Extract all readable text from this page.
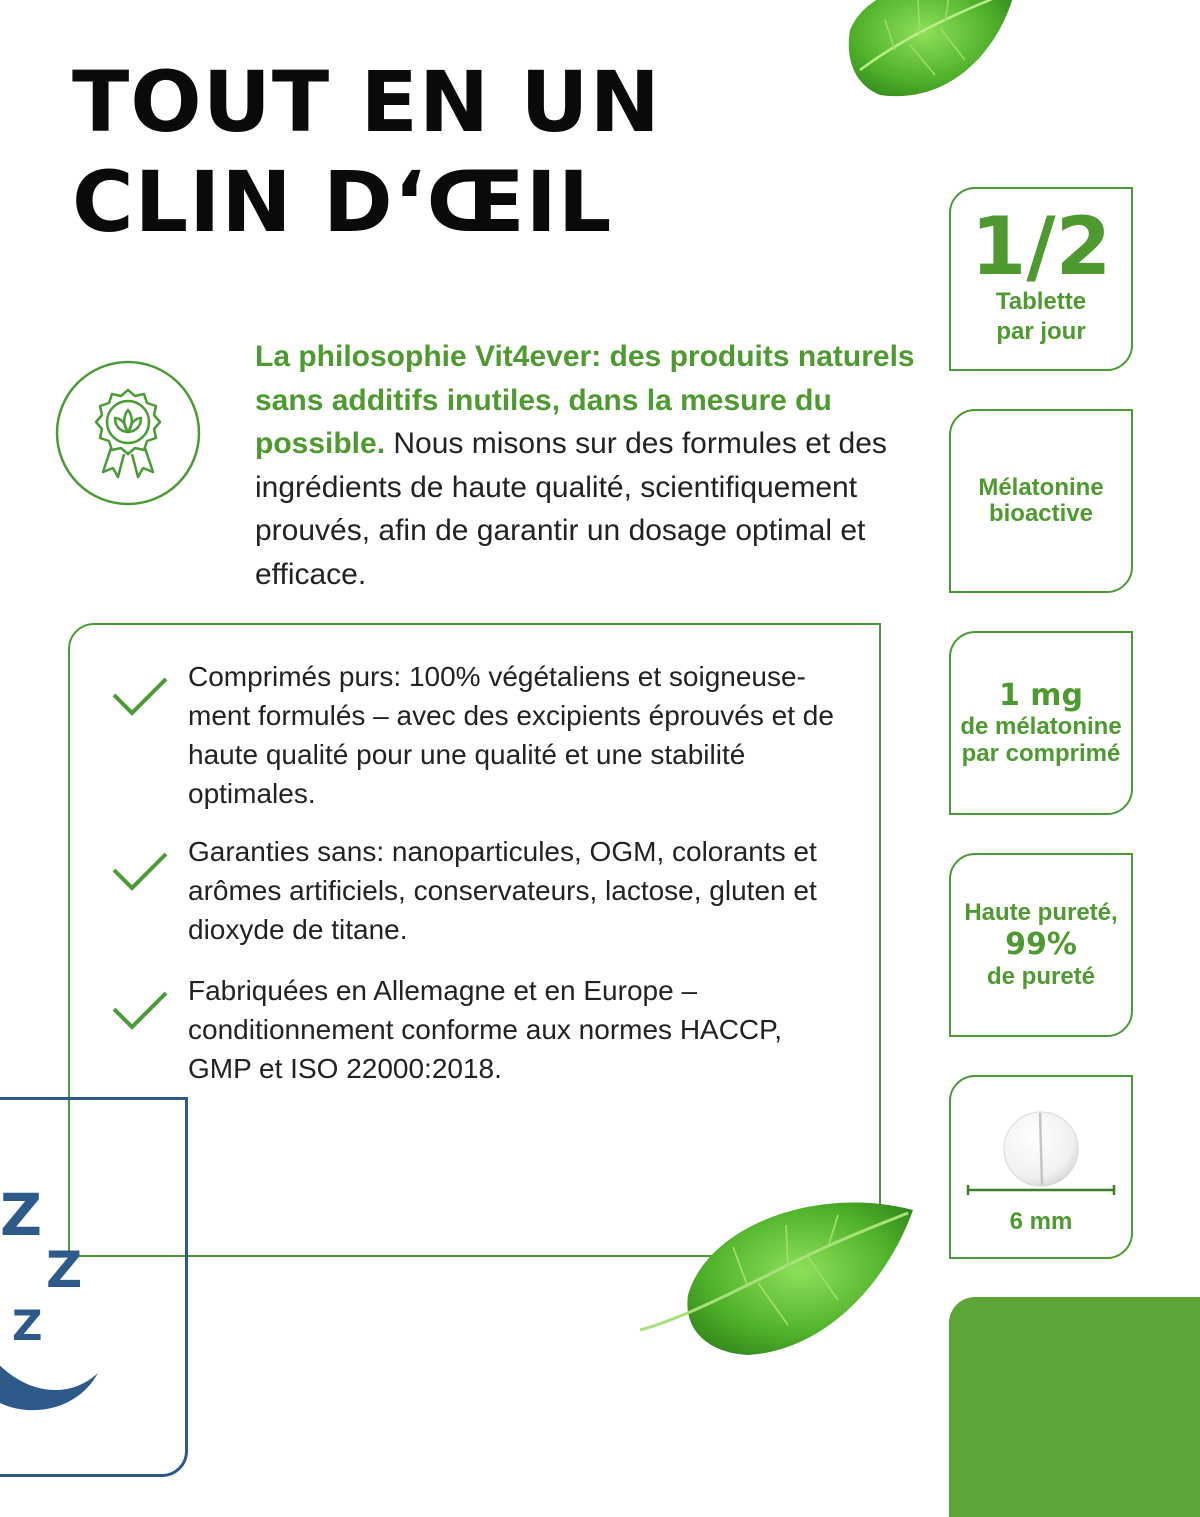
TOUT EN UN
CLIN D‘ŒIL
La philosophie Vit4ever: des produits naturels sans additifs inutiles, dans la mesure du possible. Nous misons sur des formules et des ingrédients de haute qualité, scientifiquement prouvés, afin de garantir un dosage optimal et efficace.
Comprimés purs: 100% végétaliens et soigneuse-ment formulés – avec des excipients éprouvés et de haute qualité pour une qualité et une stabilité optimales.
Garanties sans: nanoparticules, OGM, colorants et arômes artificiels, conservateurs, lactose, gluten et dioxyde de titane.
Fabriquées en Allemagne et en Europe – conditionnement conforme aux normes HACCP, GMP et ISO 22000:2018.
Z
Z
Z
1/2
Tablette
par jour
Mélatonine
bioactive
1 mg
de mélatonine
par comprimé
Haute pureté,
99%
de pureté
6 mm
